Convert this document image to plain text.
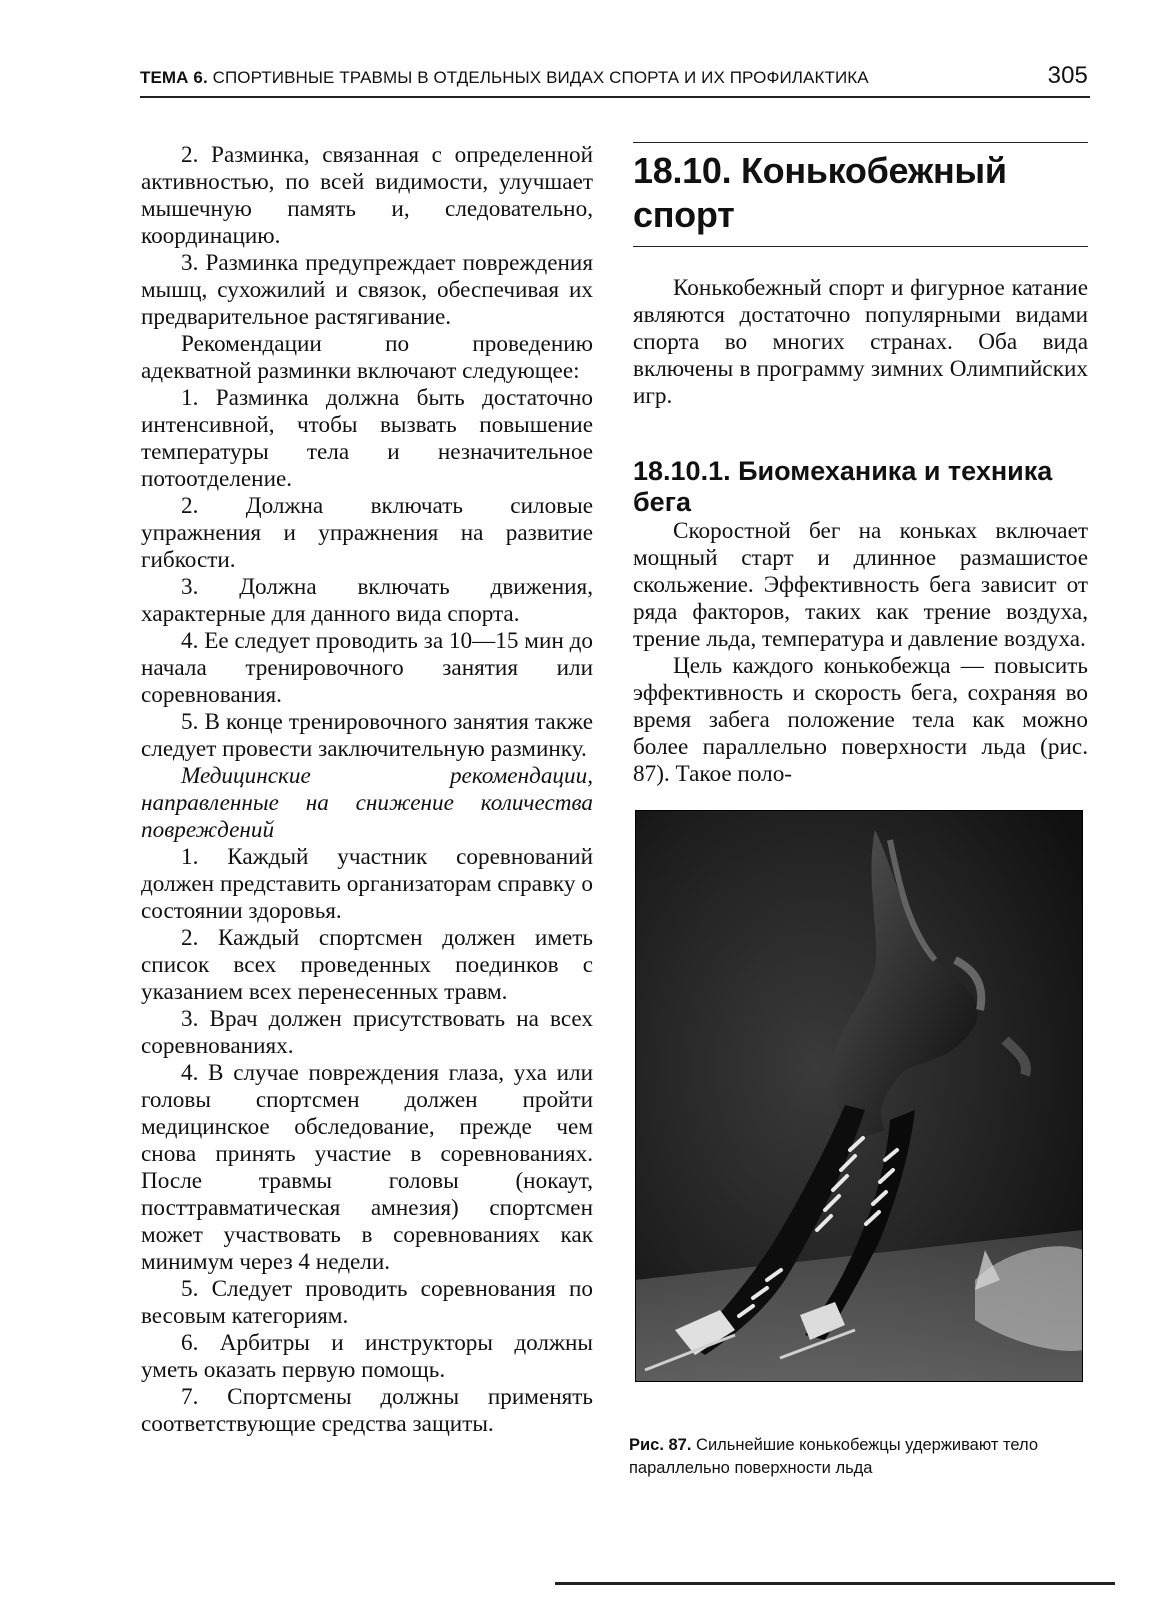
ТЕМА 6. СПОРТИВНЫЕ ТРАВМЫ В ОТДЕЛЬНЫХ ВИДАХ СПОРТА И ИХ ПРОФИЛАКТИКА	305

2. Разминка, связанная с определенной активностью, по всей видимости, улучшает мышечную память и, следовательно, координацию.

3. Разминка предупреждает повреждения мышц, сухожилий и связок, обеспечивая их предварительное растягивание.

Рекомендации по проведению адекватной разминки включают следующее:

1. Разминка должна быть достаточно интенсивной, чтобы вызвать повышение температуры тела и незначительное потоотделение.

2. Должна включать силовые упражнения и упражнения на развитие гибкости.

3. Должна включать движения, характерные для данного вида спорта.

4. Ее следует проводить за 10—15 мин до начала тренировочного занятия или соревнования.

5. В конце тренировочного занятия также следует провести заключительную разминку.

Медицинские рекомендации, направленные на снижение количества повреждений

1. Каждый участник соревнований должен представить организаторам справку о состоянии здоровья.

2. Каждый спортсмен должен иметь список всех проведенных поединков с указанием всех перенесенных травм.

3. Врач должен присутствовать на всех соревнованиях.

4. В случае повреждения глаза, уха или головы спортсмен должен пройти медицинское обследование, прежде чем снова принять участие в соревнованиях. После травмы головы (нокаут, посттравматическая амнезия) спортсмен может участвовать в соревнованиях как минимум через 4 недели.

5. Следует проводить соревнования по весовым категориям.

6. Арбитры и инструкторы должны уметь оказать первую помощь.

7. Спортсмены должны применять соответствующие средства защиты.

18.10. Конькобежный спорт

Конькобежный спорт и фигурное катание являются достаточно популярными видами спорта во многих странах. Оба вида включены в программу зимних Олимпийских игр.

18.10.1. Биомеханика и техника бега

Скоростной бег на коньках включает мощный старт и длинное размашистое скольжение. Эффективность бега зависит от ряда факторов, таких как трение воздуха, трение льда, температура и давление воздуха.

Цель каждого конькобежца — повысить эффективность и скорость бега, сохраняя во время забега положение тела как можно более параллельно поверхности льда (рис. 87). Такое поло-

Рис. 87. Сильнейшие конькобежцы удерживают тело параллельно поверхности льда
